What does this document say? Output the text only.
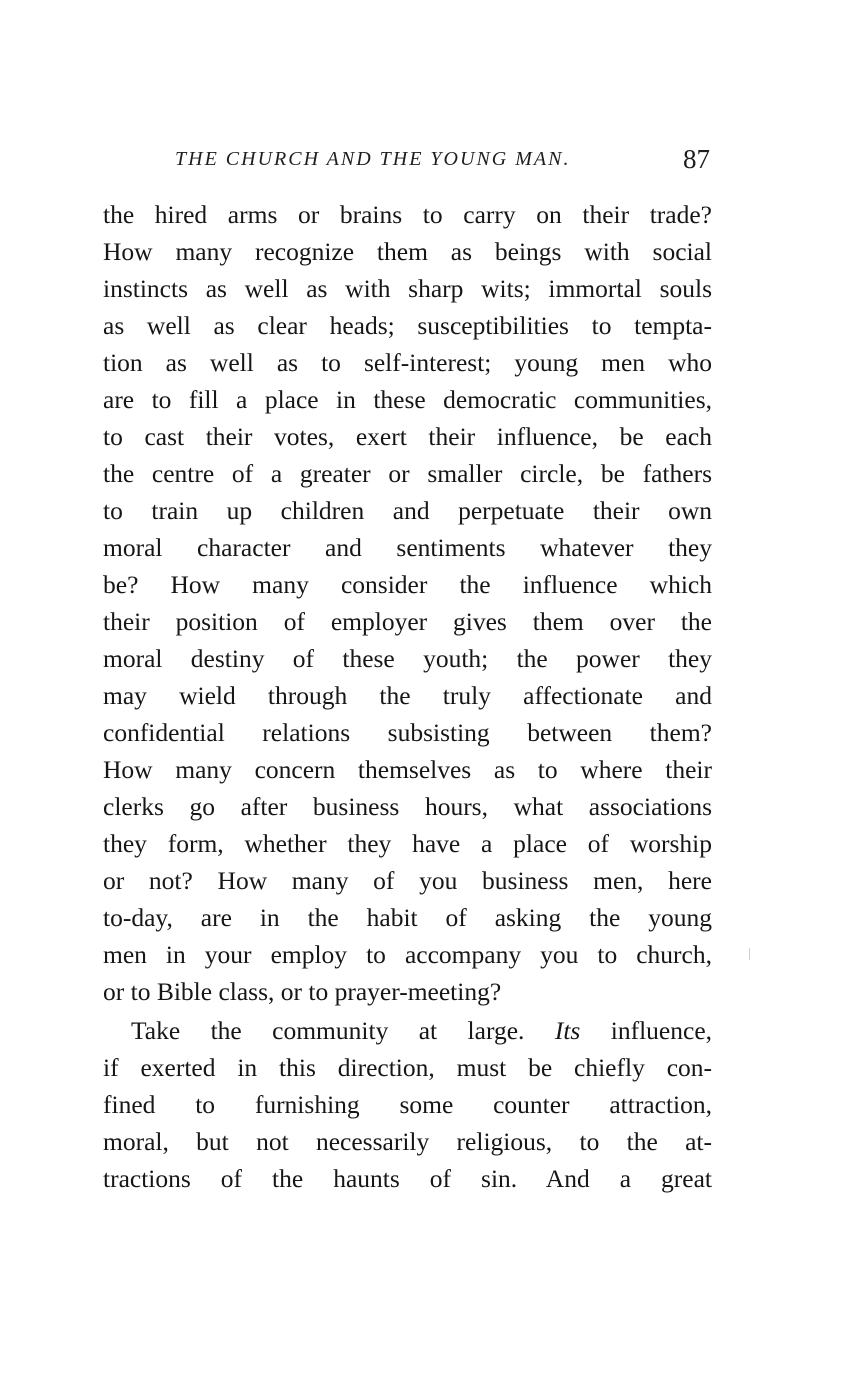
THE CHURCH AND THE YOUNG MAN.	87
the hired arms or brains to carry on their trade?
How many recognize them as beings with social
instincts as well as with sharp wits; immortal souls
as well as clear heads; susceptibilities to tempta-
tion as well as to self-interest; young men who
are to fill a place in these democratic communities,
to cast their votes, exert their influence, be each
the centre of a greater or smaller circle, be fathers
to train up children and perpetuate their own
moral character and sentiments whatever they
be? How many consider the influence which
their position of employer gives them over the
moral destiny of these youth; the power they
may wield through the truly affectionate and
confidential relations subsisting between them?
How many concern themselves as to where their
clerks go after business hours, what associations
they form, whether they have a place of worship
or not? How many of you business men, here
to-day, are in the habit of asking the young
men in your employ to accompany you to church,
or to Bible class, or to prayer-meeting?
Take the community at large. Its influence,
if exerted in this direction, must be chiefly con-
fined to furnishing some counter attraction,
moral, but not necessarily religious, to the at-
tractions of the haunts of sin. And a great
